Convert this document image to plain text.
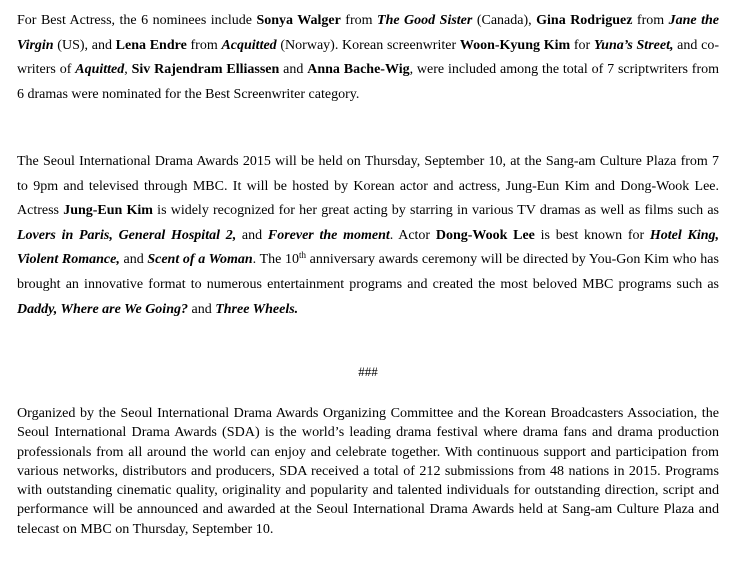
For Best Actress, the 6 nominees include Sonya Walger from The Good Sister (Canada), Gina Rodriguez from Jane the Virgin (US), and Lena Endre from Acquitted (Norway). Korean screenwriter Woon-Kyung Kim for Yuna’s Street, and co-writers of Aquitted, Siv Rajendram Elliassen and Anna Bache-Wig, were included among the total of 7 scriptwriters from 6 dramas were nominated for the Best Screenwriter category.

The Seoul International Drama Awards 2015 will be held on Thursday, September 10, at the Sang-am Culture Plaza from 7 to 9pm and televised through MBC. It will be hosted by Korean actor and actress, Jung-Eun Kim and Dong-Wook Lee. Actress Jung-Eun Kim is widely recognized for her great acting by starring in various TV dramas as well as films such as Lovers in Paris, General Hospital 2, and Forever the moment. Actor Dong-Wook Lee is best known for Hotel King, Violent Romance, and Scent of a Woman. The 10th anniversary awards ceremony will be directed by You-Gon Kim who has brought an innovative format to numerous entertainment programs and created the most beloved MBC programs such as Daddy, Where are We Going? and Three Wheels.

###

Organized by the Seoul International Drama Awards Organizing Committee and the Korean Broadcasters Association, the Seoul International Drama Awards (SDA) is the world’s leading drama festival where drama fans and drama production professionals from all around the world can enjoy and celebrate together. With continuous support and participation from various networks, distributors and producers, SDA received a total of 212 submissions from 48 nations in 2015. Programs with outstanding cinematic quality, originality and popularity and talented individuals for outstanding direction, script and performance will be announced and awarded at the Seoul International Drama Awards held at Sang-am Culture Plaza and telecast on MBC on Thursday, September 10.
